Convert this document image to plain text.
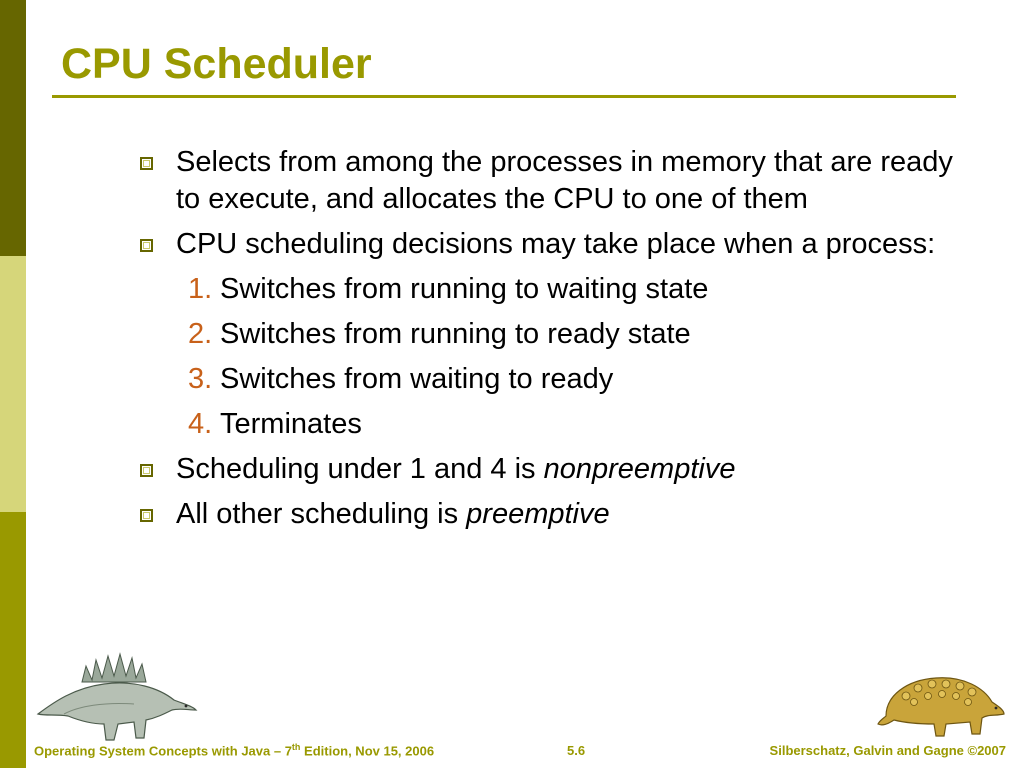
CPU Scheduler
Selects from among the processes in memory that are ready to execute, and allocates the CPU to one of them
CPU scheduling decisions may take place when a process:
1. Switches from running to waiting state
2. Switches from running to ready state
3. Switches from waiting to ready
4. Terminates
Scheduling under 1 and 4 is nonpreemptive
All other scheduling is preemptive
Operating System Concepts with Java – 7th Edition, Nov 15, 2006	5.6	Silberschatz, Galvin and Gagne ©2007
